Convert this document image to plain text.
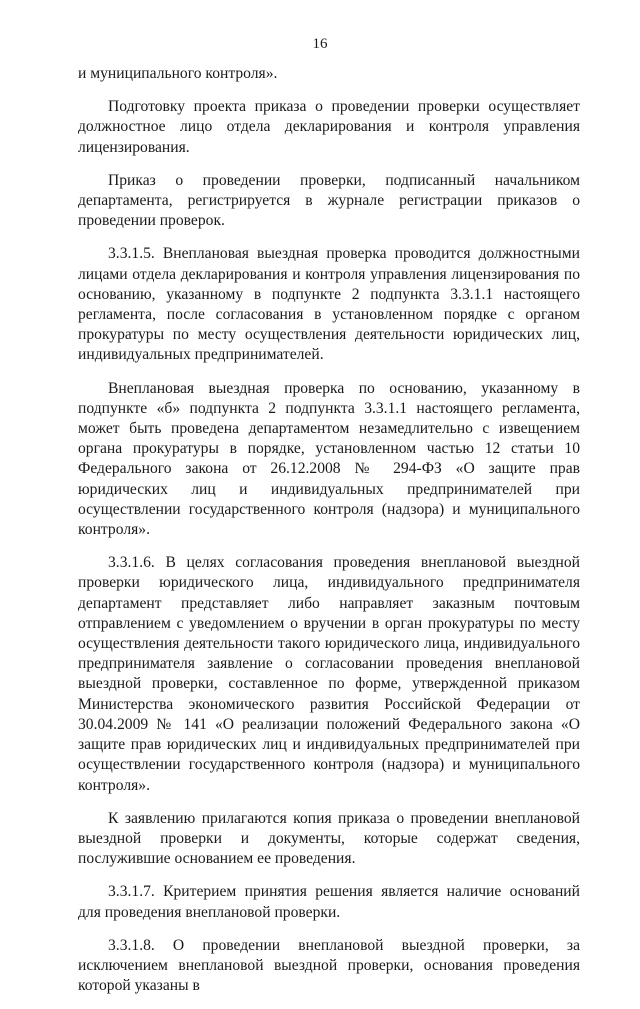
16

и муниципального контроля».

Подготовку проекта приказа о проведении проверки осуществляет должностное лицо отдела декларирования и контроля управления лицензирования.

Приказ о проведении проверки, подписанный начальником департамента, регистрируется в журнале регистрации приказов о проведении проверок.

3.3.1.5. Внеплановая выездная проверка проводится должностными лицами отдела декларирования и контроля управления лицензирования по основанию, указанному в подпункте 2 подпункта 3.3.1.1 настоящего регламента, после согласования в установленном порядке с органом прокуратуры по месту осуществления деятельности юридических лиц, индивидуальных предпринимателей.

Внеплановая выездная проверка по основанию, указанному в подпункте «б» подпункта 2 подпункта 3.3.1.1 настоящего регламента, может быть проведена департаментом незамедлительно с извещением органа прокуратуры в порядке, установленном частью 12 статьи 10 Федерального закона от 26.12.2008 № 294-ФЗ «О защите прав юридических лиц и индивидуальных предпринимателей при осуществлении государственного контроля (надзора) и муниципального контроля».

3.3.1.6. В целях согласования проведения внеплановой выездной проверки юридического лица, индивидуального предпринимателя департамент представляет либо направляет заказным почтовым отправлением с уведомлением о вручении в орган прокуратуры по месту осуществления деятельности такого юридического лица, индивидуального предпринимателя заявление о согласовании проведения внеплановой выездной проверки, составленное по форме, утвержденной приказом Министерства экономического развития Российской Федерации от 30.04.2009 № 141 «О реализации положений Федерального закона «О защите прав юридических лиц и индивидуальных предпринимателей при осуществлении государственного контроля (надзора) и муниципального контроля».

К заявлению прилагаются копия приказа о проведении внеплановой выездной проверки и документы, которые содержат сведения, послужившие основанием ее проведения.

3.3.1.7. Критерием принятия решения является наличие оснований для проведения внеплановой проверки.

3.3.1.8. О проведении внеплановой выездной проверки, за исключением внеплановой выездной проверки, основания проведения которой указаны в
